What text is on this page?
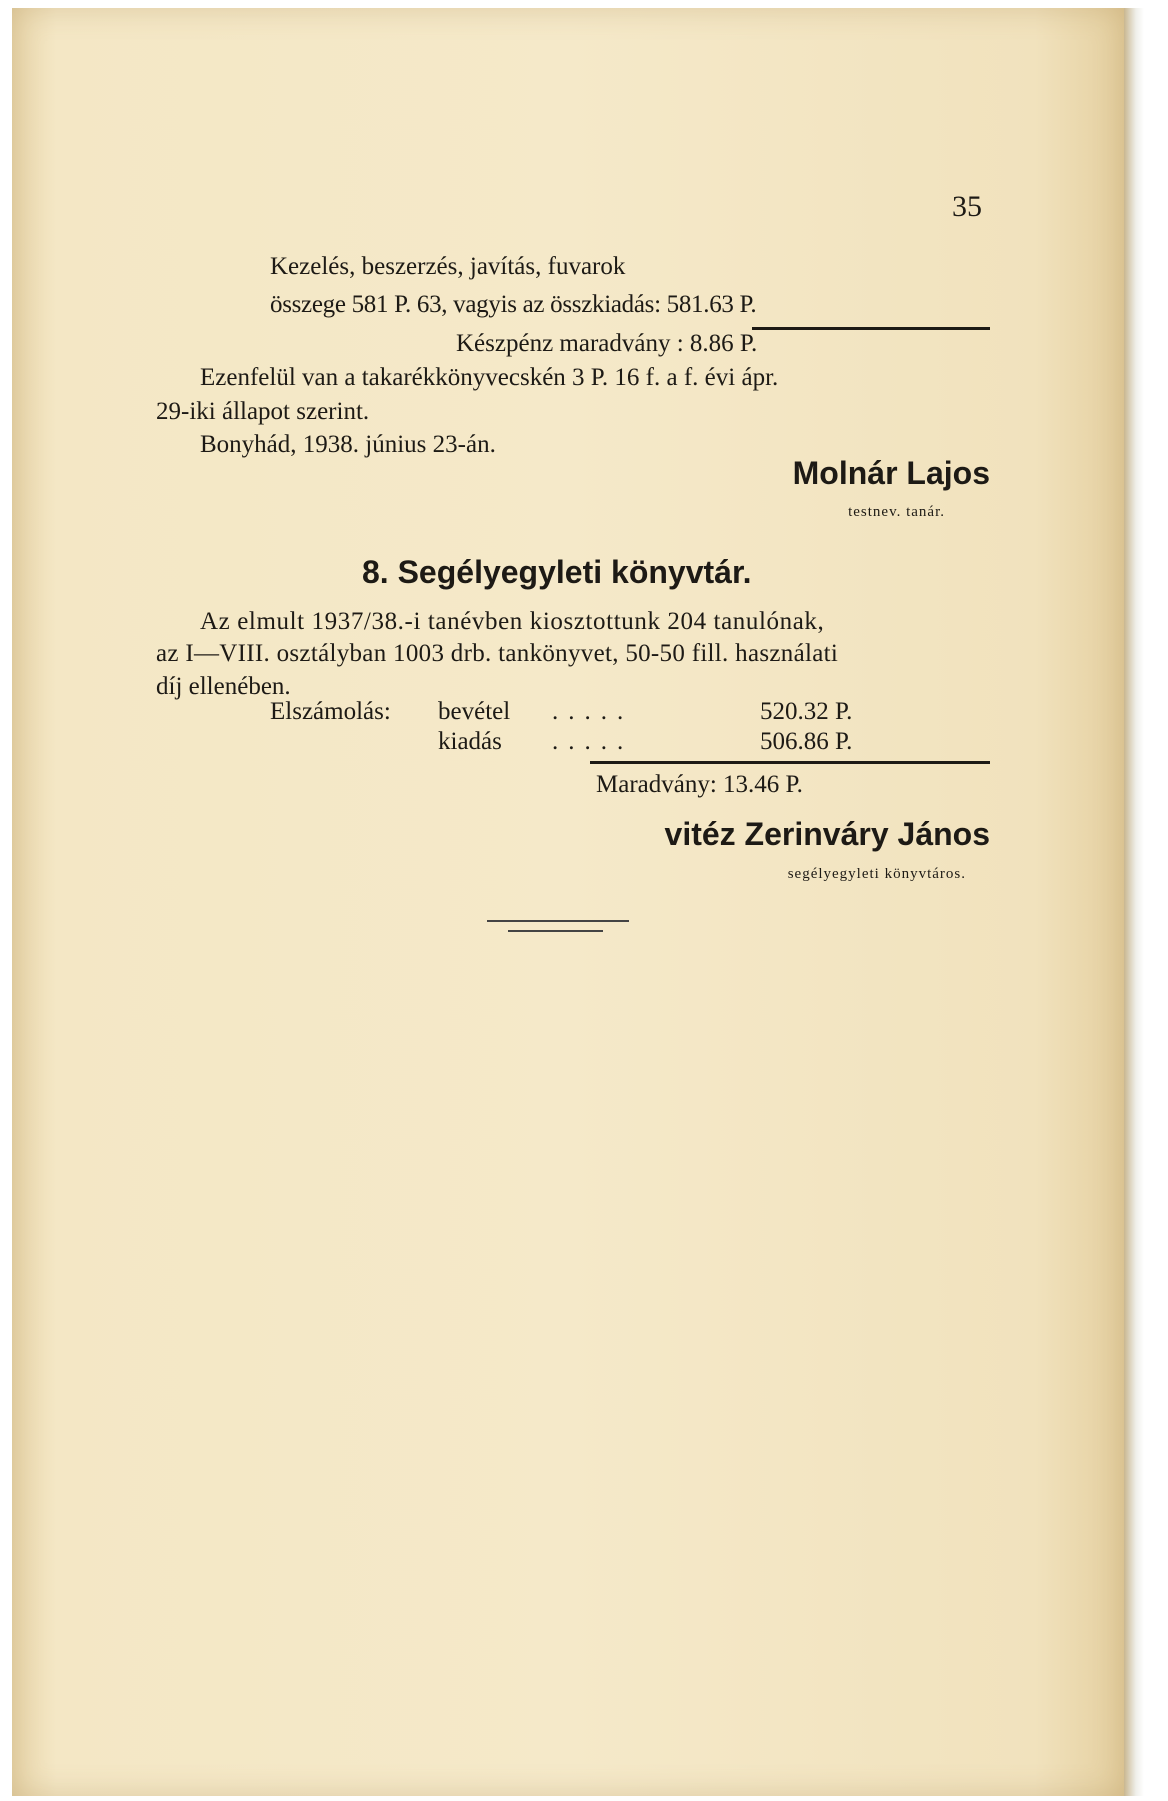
35
Kezelés, beszerzés, javítás, fuvarok
összege 581 P. 63, vagyis az összkiadás: 581.63 P.
Készpénz maradvány : 8.86 P.
Ezenfelül van a takarékkönyvecskén 3 P. 16 f. a f. évi ápr.
29-iki állapot szerint.
Bonyhád, 1938. június 23-án.
Molnár Lajos
testnev. tanár.
8. Segélyegyleti könyvtár.
Az elmult 1937/38.-i tanévben kiosztottunk 204 tanulónak,
az I—VIII. osztályban 1003 drb. tankönyvet, 50-50 fill. használati
díj ellenében.
Elszámolás: bevétel .....	520.32 P.
kiadás .....	506.86 P.
Maradvány: 13.46 P.
vitéz Zerinváry János
segélyegyleti könyvtáros.
